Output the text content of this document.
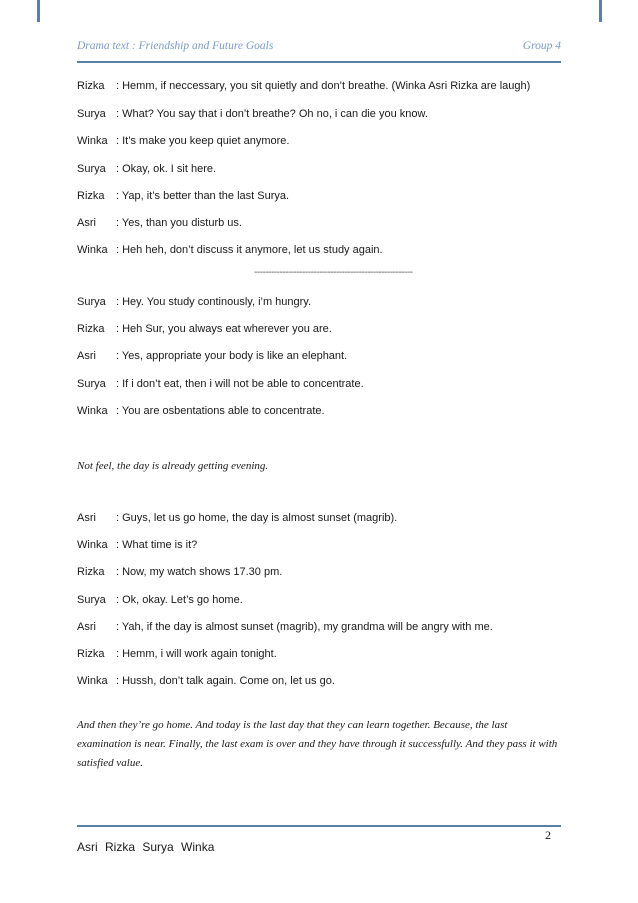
Drama text : Friendship and Future Goals	Group 4
Rizka : Hemm, if neccessary, you sit quietly and don’t breathe. (Winka Asri Rizka are laugh)
Surya : What? You say that i don’t breathe? Oh no, i can die you know.
Winka : It’s make you keep quiet anymore.
Surya : Okay, ok. I sit here.
Rizka : Yap, it’s better than the last Surya.
Asri : Yes, than you disturb us.
Winka : Heh heh, don’t discuss it anymore, let us study again.
--------------------------------------------------------
Surya : Hey. You study continously, i’m hungry.
Rizka : Heh Sur, you always eat wherever you are.
Asri : Yes, appropriate your body is like an elephant.
Surya : If i don’t eat, then i will not be able to concentrate.
Winka : You are osbentations able to concentrate.
Not feel, the day is already getting evening.
Asri : Guys, let us go home, the day is almost sunset (magrib).
Winka : What time is it?
Rizka : Now, my watch shows 17.30 pm.
Surya : Ok, okay. Let’s go home.
Asri : Yah, if the day is almost sunset (magrib), my grandma will be angry with me.
Rizka : Hemm, i will work again tonight.
Winka : Hussh, don’t talk again. Come on, let us go.
And then they’re go home. And today is the last day that they can learn together. Because, the last examination is near. Finally, the last exam is over and they have through it successfully. And they pass it with satisfied value.
2
Asri Rizka Surya Winka
